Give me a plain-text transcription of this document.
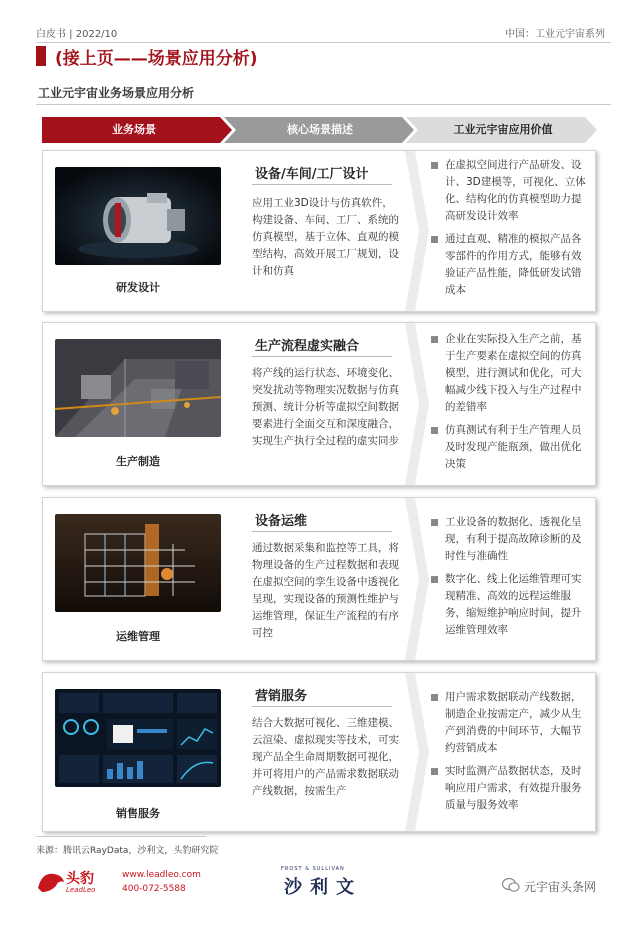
白皮书 | 2022/10	中国：工业元宇宙系列
(接上页——场景应用分析)
工业元宇宙业务场景应用分析
业务场景	核心场景描述	工业元宇宙应用价值
研发设计
设备/车间/工厂设计
应用工业3D设计与仿真软件，构建设备、车间、工厂、系统的仿真模型，基于立体、直观的模型结构，高效开展工厂规划，设计和仿真
在虚拟空间进行产品研发、设计、3D建模等，可视化、立体化、结构化的仿真模型助力提高研发设计效率
通过直观、精准的模拟产品各零部件的作用方式，能够有效验证产品性能，降低研发试错成本
生产制造
生产流程虚实融合
将产线的运行状态、环境变化、突发扰动等物理实况数据与仿真预测、统计分析等虚拟空间数据要素进行全面交互和深度融合，实现生产执行全过程的虚实同步
企业在实际投入生产之前，基于生产要素在虚拟空间的仿真模型，进行测试和优化，可大幅减少线下投入与生产过程中的差错率
仿真测试有利于生产管理人员及时发现产能瓶颈，做出优化决策
运维管理
设备运维
通过数据采集和监控等工具，将物理设备的生产过程数据和表现在虚拟空间的孪生设备中透视化呈现，实现设备的预测性维护与运维管理，保证生产流程的有序可控
工业设备的数据化、透视化呈现，有利于提高故障诊断的及时性与准确性
数字化、线上化运维管理可实现精准、高效的远程运维服务，缩短维护响应时间，提升运维管理效率
销售服务
营销服务
结合大数据可视化、三维建模、云渲染、虚拟现实等技术，可实现产品全生命周期数据可视化，并可将用户的产品需求数据联动产线数据，按需生产
用户需求数据联动产线数据，制造企业按需定产，减少从生产到消费的中间环节，大幅节约营销成本
实时监测产品数据状态，及时响应用户需求，有效提升服务质量与服务效率
来源：腾讯云RayData，沙利文，头豹研究院
头豹
LeadLeo
www.leadleo.com
400-072-5588
FROST & SULLIVAN
沙利文	元宇宙头条网
